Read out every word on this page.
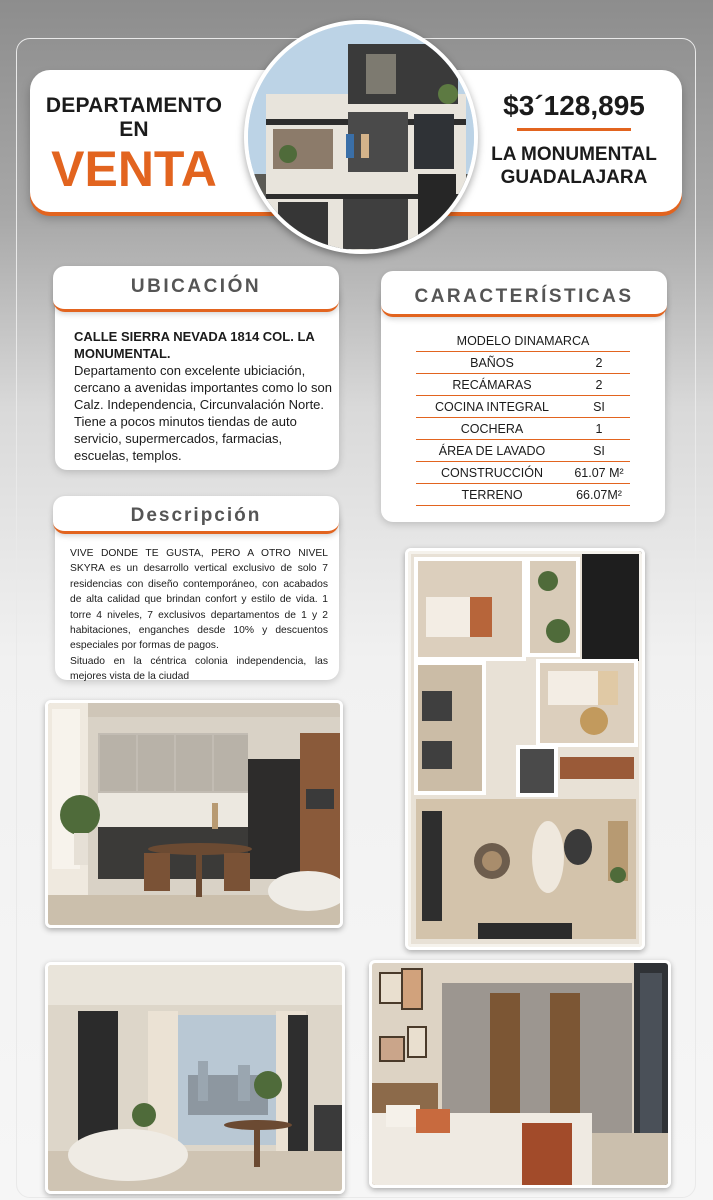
DEPARTAMENTO EN
VENTA
$3´128,895
LA MONUMENTAL
GUADALAJARA
UBICACIÓN
CALLE SIERRA NEVADA 1814 COL. LA MONUMENTAL.
Departamento con excelente ubiciación, cercano a avenidas importantes como lo son Calz. Independencia, Circunvalación Norte. Tiene a pocos minutos tiendas de auto servicio, supermercados, farmacias, escuelas, templos.
CARACTERÍSTICAS
MODELO DINAMARCA	
BAÑOS	2
RECÁMARAS	2
COCINA INTEGRAL	SI
COCHERA	1
ÁREA DE LAVADO	SI
CONSTRUCCIÓN	61.07 M²
TERRENO	66.07M²
Descripción
VIVE DONDE TE GUSTA, PERO A OTRO NIVEL SKYRA es un desarrollo vertical exclusivo de solo 7 residencias con diseño contemporáneo, con acabados de alta calidad que brindan confort y estilo de vida. 1 torre 4 niveles, 7 exclusivos departamentos de 1 y 2 habitaciones, enganches desde 10% y descuentos especiales por formas de pagos.
Situado en la céntrica colonia independencia, las mejores vista de la ciudad
